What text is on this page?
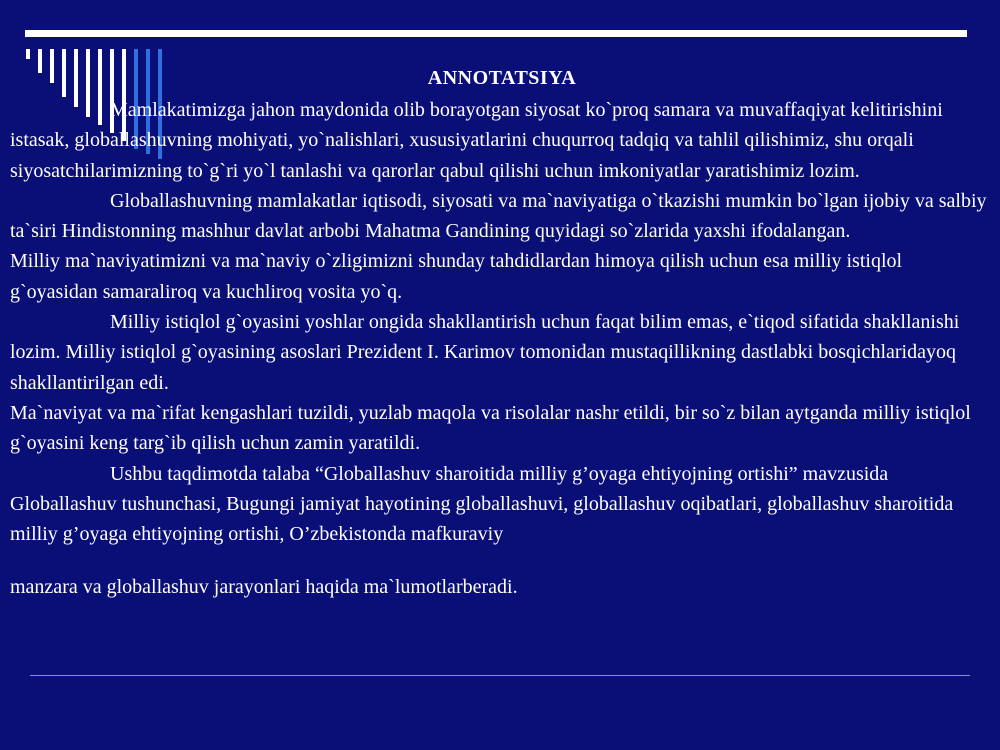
ANNOTATSIYA

Mamlakatimizga jahon maydonida olib borayotgan siyosat ko`proq samara va muvaffaqiyat kelitirishini istasak, globallashuvning mohiyati, yo`nalishlari, xususiyatlarini chuqurroq tadqiq va tahlil qilishimiz, shu orqali siyosatchilarimizning to`g`ri yo`l tanlashi va qarorlar qabul qilishi uchun imkoniyatlar yaratishimiz lozim.

Globallashuvning mamlakatlar iqtisodi, siyosati va ma`naviyatiga o`tkazishi mumkin bo`lgan ijobiy va salbiy ta`siri Hindistonning mashhur davlat arbobi Mahatma Gandining quyidagi so`zlarida yaxshi ifodalangan.

Milliy ma`naviyatimizni va ma`naviy o`zligimizni shunday tahdidlardan himoya qilish uchun esa milliy istiqlol g`oyasidan samaraliroq va kuchliroq vosita yo`q.

Milliy istiqlol g`oyasini yoshlar ongida shakllantirish uchun faqat bilim emas, e`tiqod sifatida shakllanishi lozim. Milliy istiqlol g`oyasining asoslari Prezident I. Karimov tomonidan mustaqillikning dastlabki bosqichlaridayoq shakllantirilgan edi.

Ma`naviyat va ma`rifat kengashlari tuzildi, yuzlab maqola va risolalar nashr etildi, bir so`z bilan aytganda milliy istiqlol g`oyasini keng targ`ib qilish uchun zamin yaratildi.

Ushbu taqdimotda talaba “Globallashuv sharoitida milliy g’oyaga ehtiyojning ortishi” mavzusida Globallashuv tushunchasi, Bugungi jamiyat hayotining globallashuvi, globallashuv oqibatlari, globallashuv sharoitida milliy g’oyaga ehtiyojning ortishi, O’zbekistonda mafkuraviy

manzara va globallashuv jarayonlari haqida ma`lumotlarberadi.
